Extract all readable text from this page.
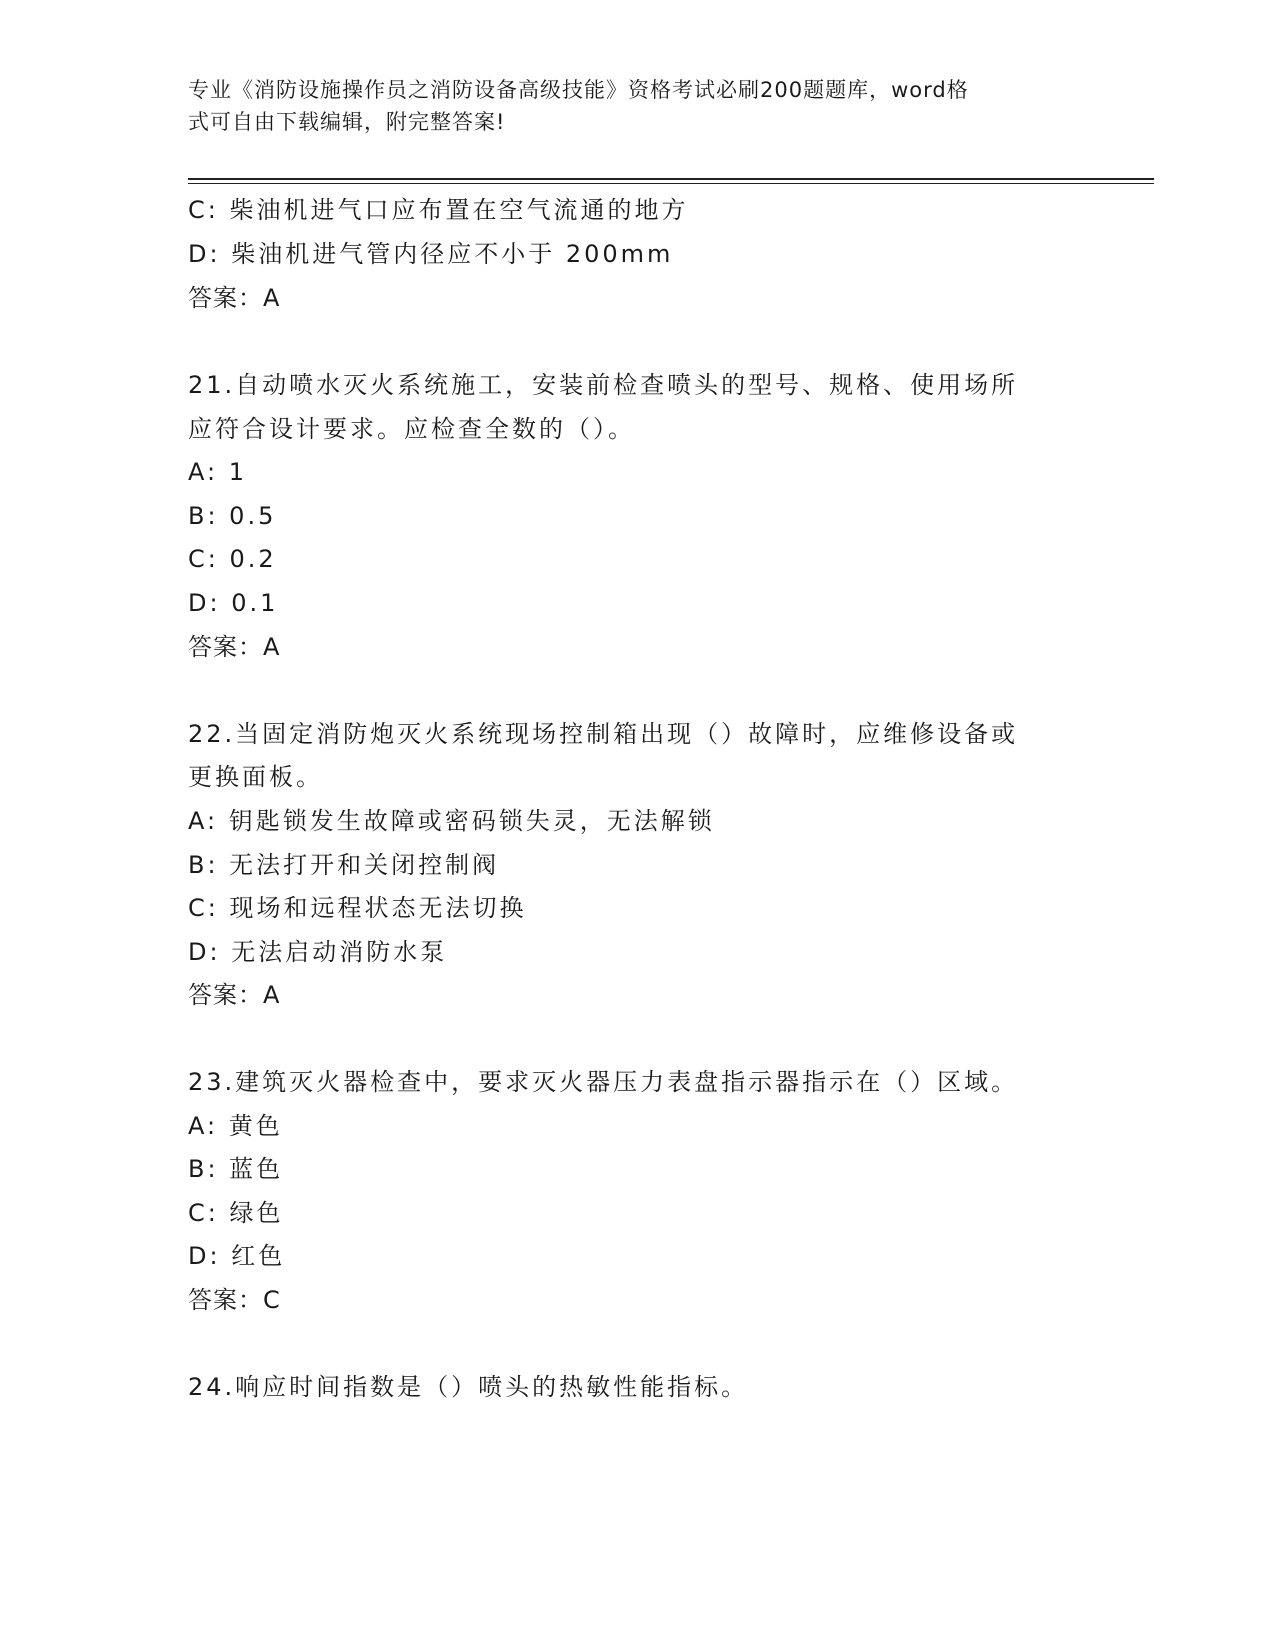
专业《消防设施操作员之消防设备高级技能》资格考试必刷200题题库，word格
式可自由下载编辑，附完整答案!
C: 柴油机进气口应布置在空气流通的地方
D: 柴油机进气管内径应不小于 200mm
答案：A
21.自动喷水灭火系统施工，安装前检查喷头的型号、规格、使用场所
应符合设计要求。应检查全数的（）。
A: 1
B: 0.5
C: 0.2
D: 0.1
答案：A
22.当固定消防炮灭火系统现场控制箱出现（）故障时，应维修设备或
更换面板。
A: 钥匙锁发生故障或密码锁失灵，无法解锁
B: 无法打开和关闭控制阀
C: 现场和远程状态无法切换
D: 无法启动消防水泵
答案：A
23.建筑灭火器检查中，要求灭火器压力表盘指示器指示在（）区域。
A: 黄色
B: 蓝色
C: 绿色
D: 红色
答案：C
24.响应时间指数是（）喷头的热敏性能指标。
